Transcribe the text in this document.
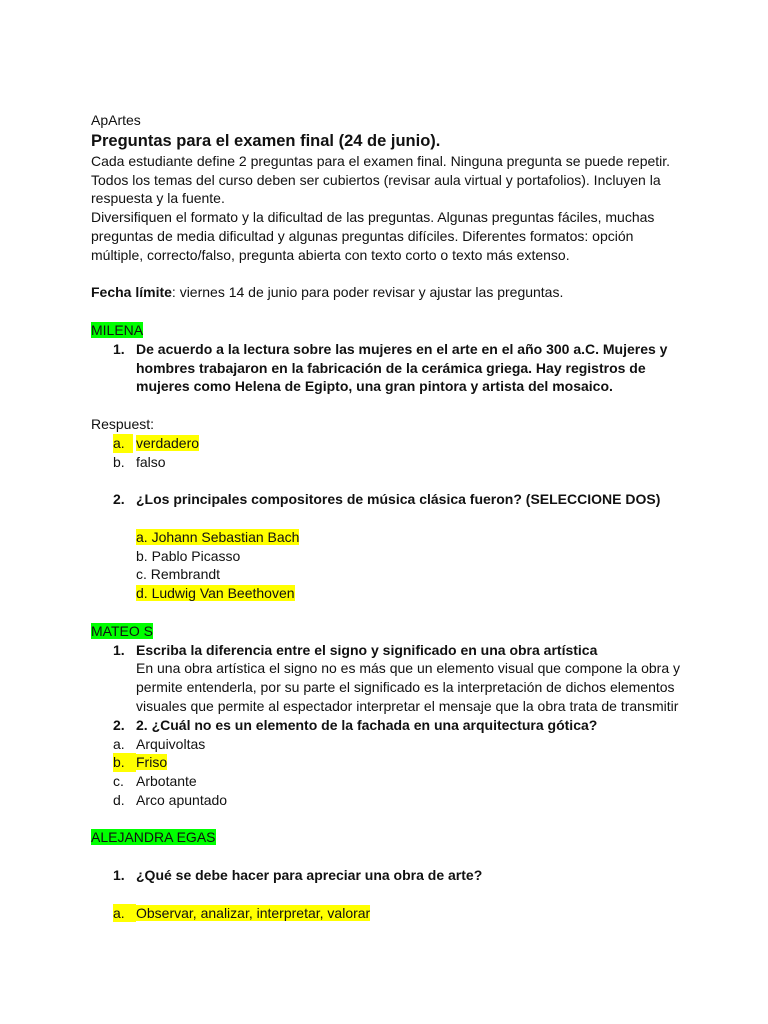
ApArtes
Preguntas para el examen final (24 de junio).
Cada estudiante define 2 preguntas para el examen final. Ninguna pregunta se puede repetir.
Todos los temas del curso deben ser cubiertos (revisar aula virtual y portafolios). Incluyen la
respuesta y la fuente.
Diversifiquen el formato y la dificultad de las preguntas. Algunas preguntas fáciles, muchas
preguntas de media dificultad y algunas preguntas difíciles. Diferentes formatos: opción
múltiple, correcto/falso, pregunta abierta con texto corto o texto más extenso.
Fecha límite: viernes 14 de junio para poder revisar y ajustar las preguntas.
MILENA
1. De acuerdo a la lectura sobre las mujeres en el arte en el año 300 a.C. Mujeres y
hombres trabajaron en la fabricación de la cerámica griega. Hay registros de
mujeres como Helena de Egipto, una gran pintora y artista del mosaico.
Respuest:
a. verdadero
b. falso
2. ¿Los principales compositores de música clásica fueron? (SELECCIONE DOS)
a. Johann Sebastian Bach
b. Pablo Picasso
c. Rembrandt
d. Ludwig Van Beethoven
MATEO S
1. Escriba la diferencia entre el signo y significado en una obra artística
En una obra artística el signo no es más que un elemento visual que compone la obra y
permite entenderla, por su parte el significado es la interpretación de dichos elementos
visuales que permite al espectador interpretar el mensaje que la obra trata de transmitir
2. 2. ¿Cuál no es un elemento de la fachada en una arquitectura gótica?
a. Arquivoltas
b. Friso
c. Arbotante
d. Arco apuntado
ALEJANDRA EGAS
1. ¿Qué se debe hacer para apreciar una obra de arte?
a. Observar, analizar, interpretar, valorar
